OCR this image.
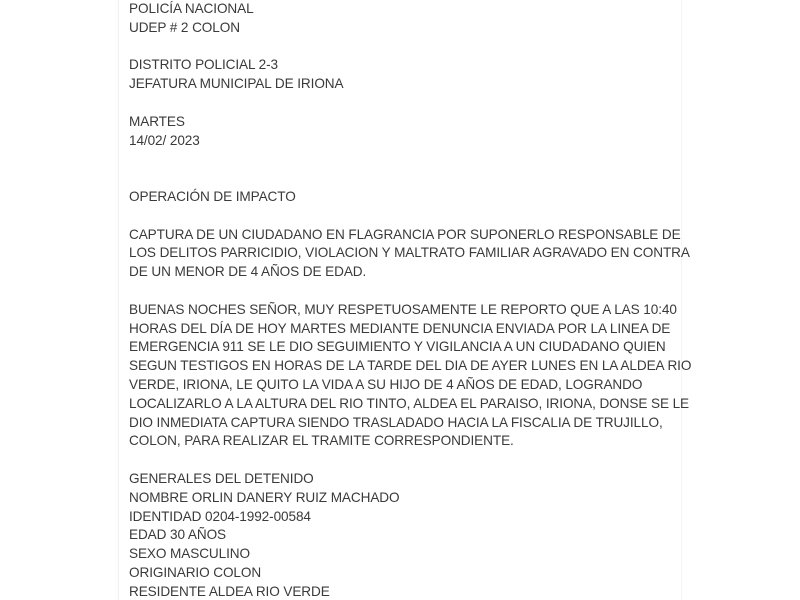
POLICÍA NACIONAL
UDEP # 2 COLON
DISTRITO POLICIAL 2-3
JEFATURA MUNICIPAL DE IRIONA
MARTES
14/02/ 2023
OPERACIÓN DE IMPACTO
CAPTURA DE UN CIUDADANO EN FLAGRANCIA POR SUPONERLO RESPONSABLE DE
LOS DELITOS PARRICIDIO, VIOLACION Y MALTRATO FAMILIAR AGRAVADO EN CONTRA
DE UN MENOR DE 4 AÑOS DE EDAD.
BUENAS NOCHES SEÑOR, MUY RESPETUOSAMENTE LE REPORTO QUE A LAS 10:40
HORAS DEL DÍA DE HOY MARTES MEDIANTE DENUNCIA ENVIADA POR LA LINEA DE
EMERGENCIA 911 SE LE DIO SEGUIMIENTO Y VIGILANCIA A UN CIUDADANO QUIEN
SEGUN TESTIGOS EN HORAS DE LA TARDE DEL DIA DE AYER LUNES EN LA ALDEA RIO
VERDE, IRIONA, LE QUITO LA VIDA A SU HIJO DE 4 AÑOS DE EDAD, LOGRANDO
LOCALIZARLO A LA ALTURA DEL RIO TINTO, ALDEA EL PARAISO, IRIONA, DONSE SE LE
DIO INMEDIATA CAPTURA SIENDO TRASLADADO HACIA LA FISCALIA DE TRUJILLO,
COLON, PARA REALIZAR EL TRAMITE CORRESPONDIENTE.
GENERALES DEL DETENIDO
NOMBRE ORLIN DANERY RUIZ MACHADO
IDENTIDAD 0204-1992-00584
EDAD 30 AÑOS
SEXO MASCULINO
ORIGINARIO COLON
RESIDENTE ALDEA RIO VERDE
